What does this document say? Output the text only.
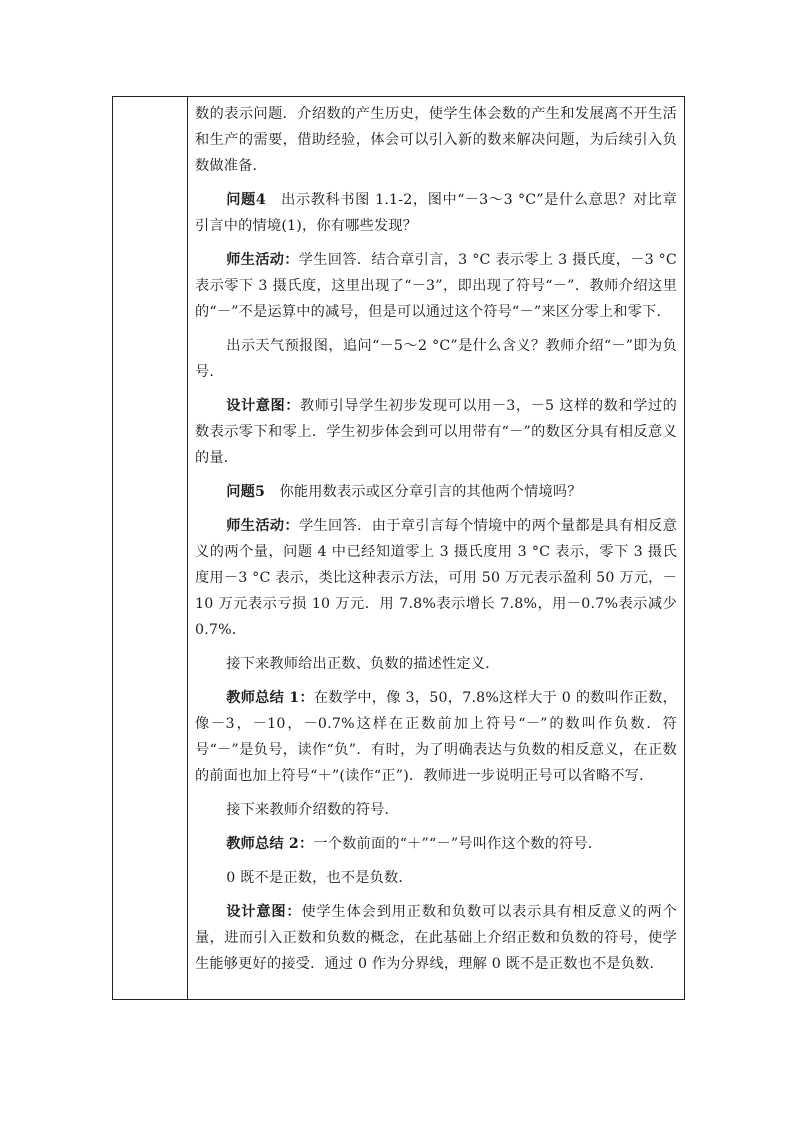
数的表示问题．介绍数的产生历史，使学生体会数的产生和发展离不开生活和生产的需要，借助经验，体会可以引入新的数来解决问题，为后续引入负数做准备．

问题4　出示教科书图 1.1-2，图中“－3～3 °C”是什么意思？对比章引言中的情境(1)，你有哪些发现？

师生活动：学生回答．结合章引言，3 °C 表示零上 3 摄氏度，－3 °C 表示零下 3 摄氏度，这里出现了“－3”，即出现了符号“－”．教师介绍这里的“－”不是运算中的减号，但是可以通过这个符号“－”来区分零上和零下．

出示天气预报图，追问“－5～2 °C”是什么含义？教师介绍“－”即为负号．

设计意图：教师引导学生初步发现可以用－3，－5 这样的数和学过的数表示零下和零上．学生初步体会到可以用带有“－”的数区分具有相反意义的量．

问题5　你能用数表示或区分章引言的其他两个情境吗？

师生活动：学生回答．由于章引言每个情境中的两个量都是具有相反意义的两个量，问题 4 中已经知道零上 3 摄氏度用 3 °C 表示，零下 3 摄氏度用－3 °C 表示，类比这种表示方法，可用 50 万元表示盈利 50 万元，－10 万元表示亏损 10 万元．用 7.8%表示增长 7.8%，用－0.7%表示减少 0.7%．

接下来教师给出正数、负数的描述性定义．

教师总结 1：在数学中，像 3，50，7.8%这样大于 0 的数叫作正数，像－3，－10，－0.7%这样在正数前加上符号“－”的数叫作负数．符号“－”是负号，读作“负”．有时，为了明确表达与负数的相反意义，在正数的前面也加上符号“＋”(读作“正”)．教师进一步说明正号可以省略不写．

接下来教师介绍数的符号．

教师总结 2：一个数前面的“＋”“－”号叫作这个数的符号．

0 既不是正数，也不是负数．

设计意图：使学生体会到用正数和负数可以表示具有相反意义的两个量，进而引入正数和负数的概念，在此基础上介绍正数和负数的符号，使学生能够更好的接受．通过 0 作为分界线，理解 0 既不是正数也不是负数．
